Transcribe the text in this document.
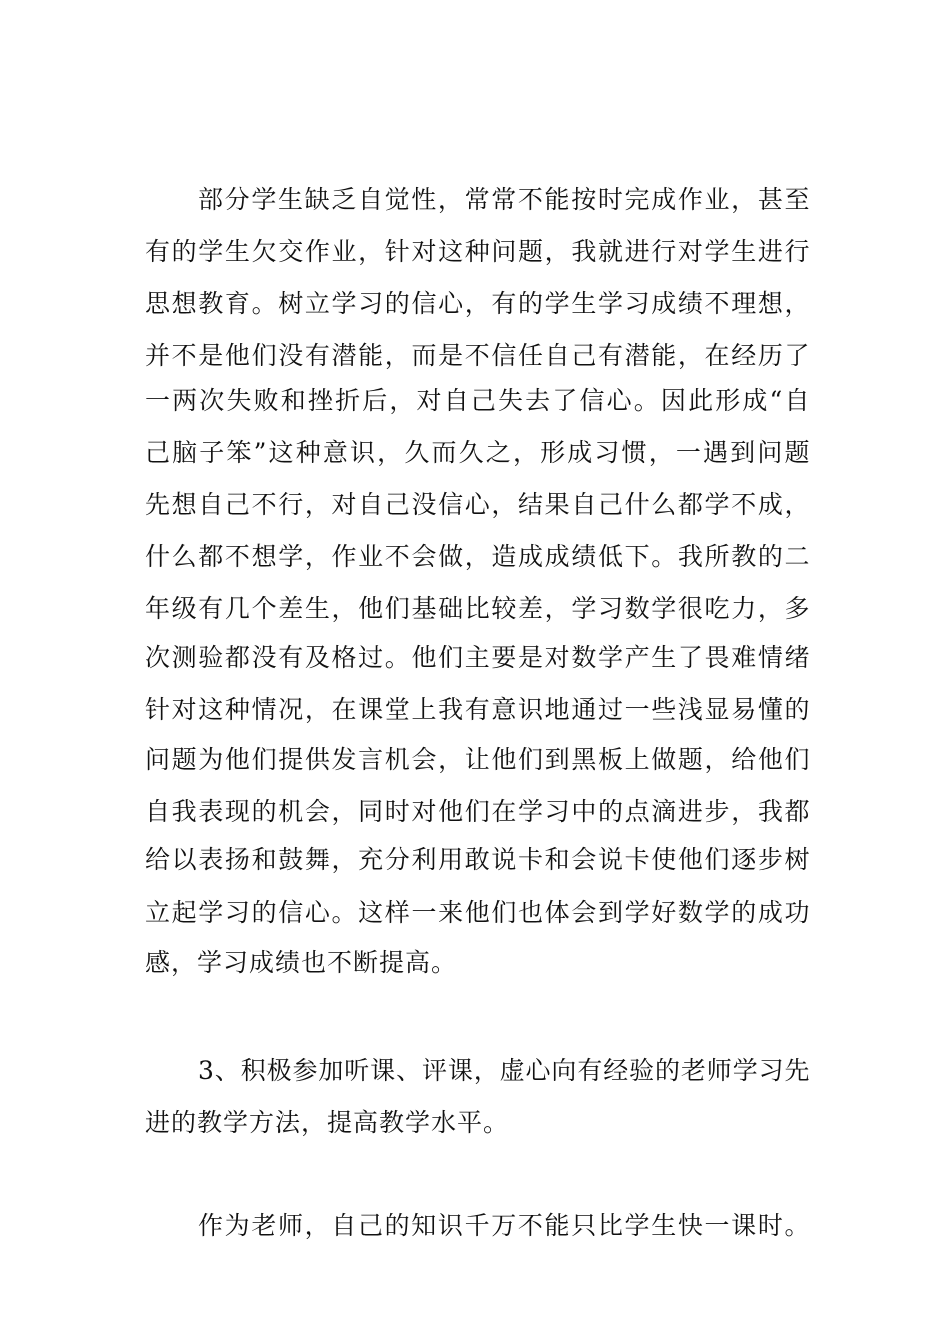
部分学生缺乏自觉性，常常不能按时完成作业，甚至
有的学生欠交作业，针对这种问题，我就进行对学生进行
思想教育。树立学习的信心，有的学生学习成绩不理想，
并不是他们没有潜能，而是不信任自己有潜能，在经历了
一两次失败和挫折后，对自己失去了信心。因此形成“自
己脑子笨”这种意识，久而久之，形成习惯，一遇到问题
先想自己不行，对自己没信心，结果自己什么都学不成，
什么都不想学，作业不会做，造成成绩低下。我所教的二
年级有几个差生，他们基础比较差，学习数学很吃力，多
次测验都没有及格过。他们主要是对数学产生了畏难情绪
针对这种情况，在课堂上我有意识地通过一些浅显易懂的
问题为他们提供发言机会，让他们到黑板上做题，给他们
自我表现的机会，同时对他们在学习中的点滴进步，我都
给以表扬和鼓舞，充分利用敢说卡和会说卡使他们逐步树
立起学习的信心。这样一来他们也体会到学好数学的成功
感，学习成绩也不断提高。
3、积极参加听课、评课，虚心向有经验的老师学习先
进的教学方法，提高教学水平。
作为老师，自己的知识千万不能只比学生快一课时。
